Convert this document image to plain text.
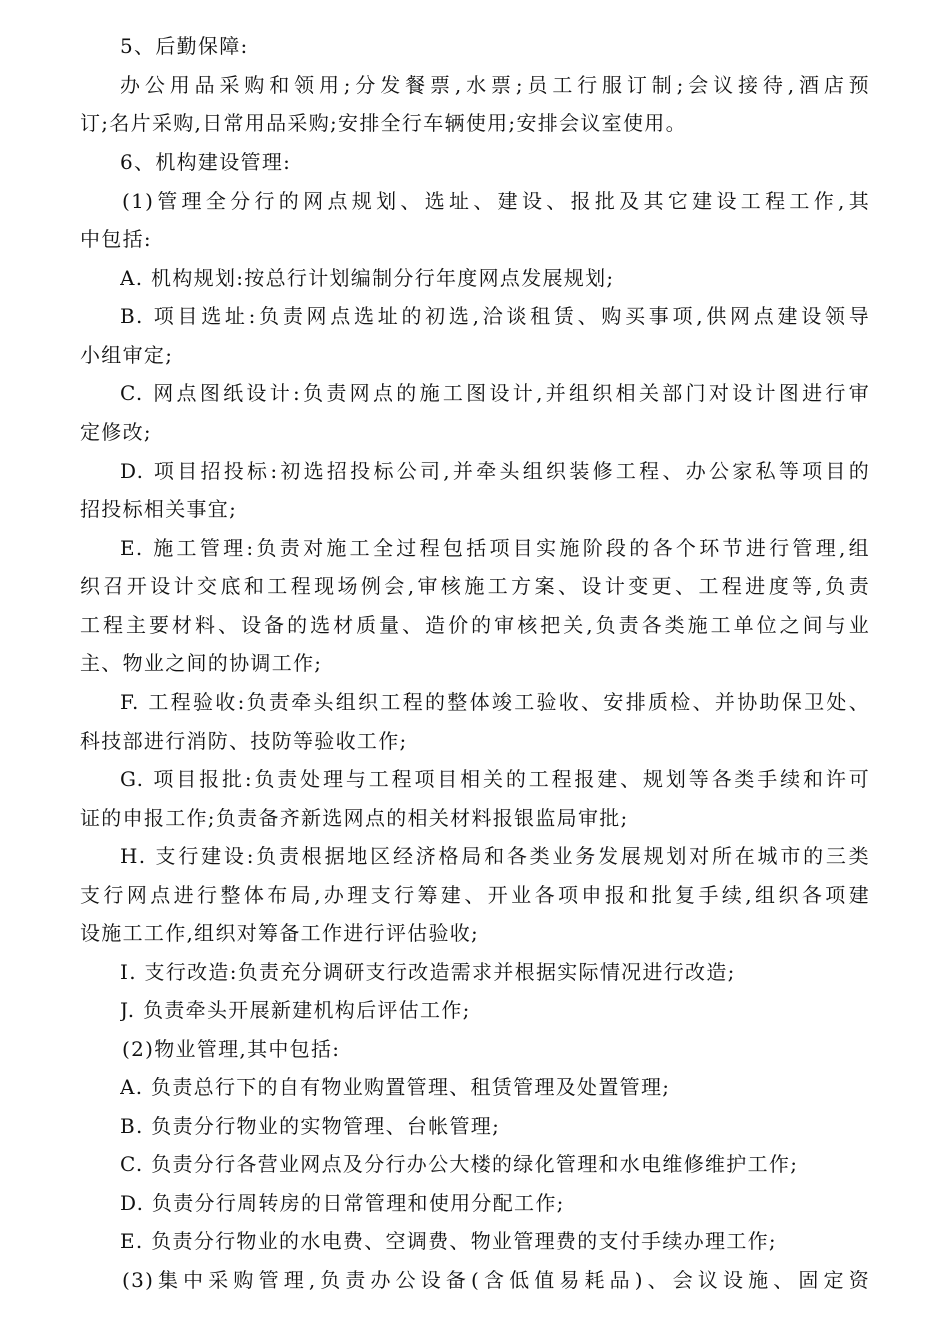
5、后勤保障:
办公用品采购和领用;分发餐票,水票;员工行服订制;会议接待,酒店预
订;名片采购,日常用品采购;安排全行车辆使用;安排会议室使用。
6、机构建设管理:
(1)管理全分行的网点规划、选址、建设、报批及其它建设工程工作,其
中包括:
A. 机构规划:按总行计划编制分行年度网点发展规划;
B. 项目选址:负责网点选址的初选,洽谈租赁、购买事项,供网点建设领导
小组审定;
C. 网点图纸设计:负责网点的施工图设计,并组织相关部门对设计图进行审
定修改;
D. 项目招投标:初选招投标公司,并牵头组织装修工程、办公家私等项目的
招投标相关事宜;
E. 施工管理:负责对施工全过程包括项目实施阶段的各个环节进行管理,组
织召开设计交底和工程现场例会,审核施工方案、设计变更、工程进度等,负责
工程主要材料、设备的选材质量、造价的审核把关,负责各类施工单位之间与业
主、物业之间的协调工作;
F. 工程验收:负责牵头组织工程的整体竣工验收、安排质检、并协助保卫处、
科技部进行消防、技防等验收工作;
G. 项目报批:负责处理与工程项目相关的工程报建、规划等各类手续和许可
证的申报工作;负责备齐新选网点的相关材料报银监局审批;
H. 支行建设:负责根据地区经济格局和各类业务发展规划对所在城市的三类
支行网点进行整体布局,办理支行筹建、开业各项申报和批复手续,组织各项建
设施工工作,组织对筹备工作进行评估验收;
I. 支行改造:负责充分调研支行改造需求并根据实际情况进行改造;
J. 负责牵头开展新建机构后评估工作;
(2)物业管理,其中包括:
A. 负责总行下的自有物业购置管理、租赁管理及处置管理;
B. 负责分行物业的实物管理、台帐管理;
C. 负责分行各营业网点及分行办公大楼的绿化管理和水电维修维护工作;
D. 负责分行周转房的日常管理和使用分配工作;
E. 负责分行物业的水电费、空调费、物业管理费的支付手续办理工作;
(3)集中采购管理,负责办公设备(含低值易耗品)、会议设施、固定资
